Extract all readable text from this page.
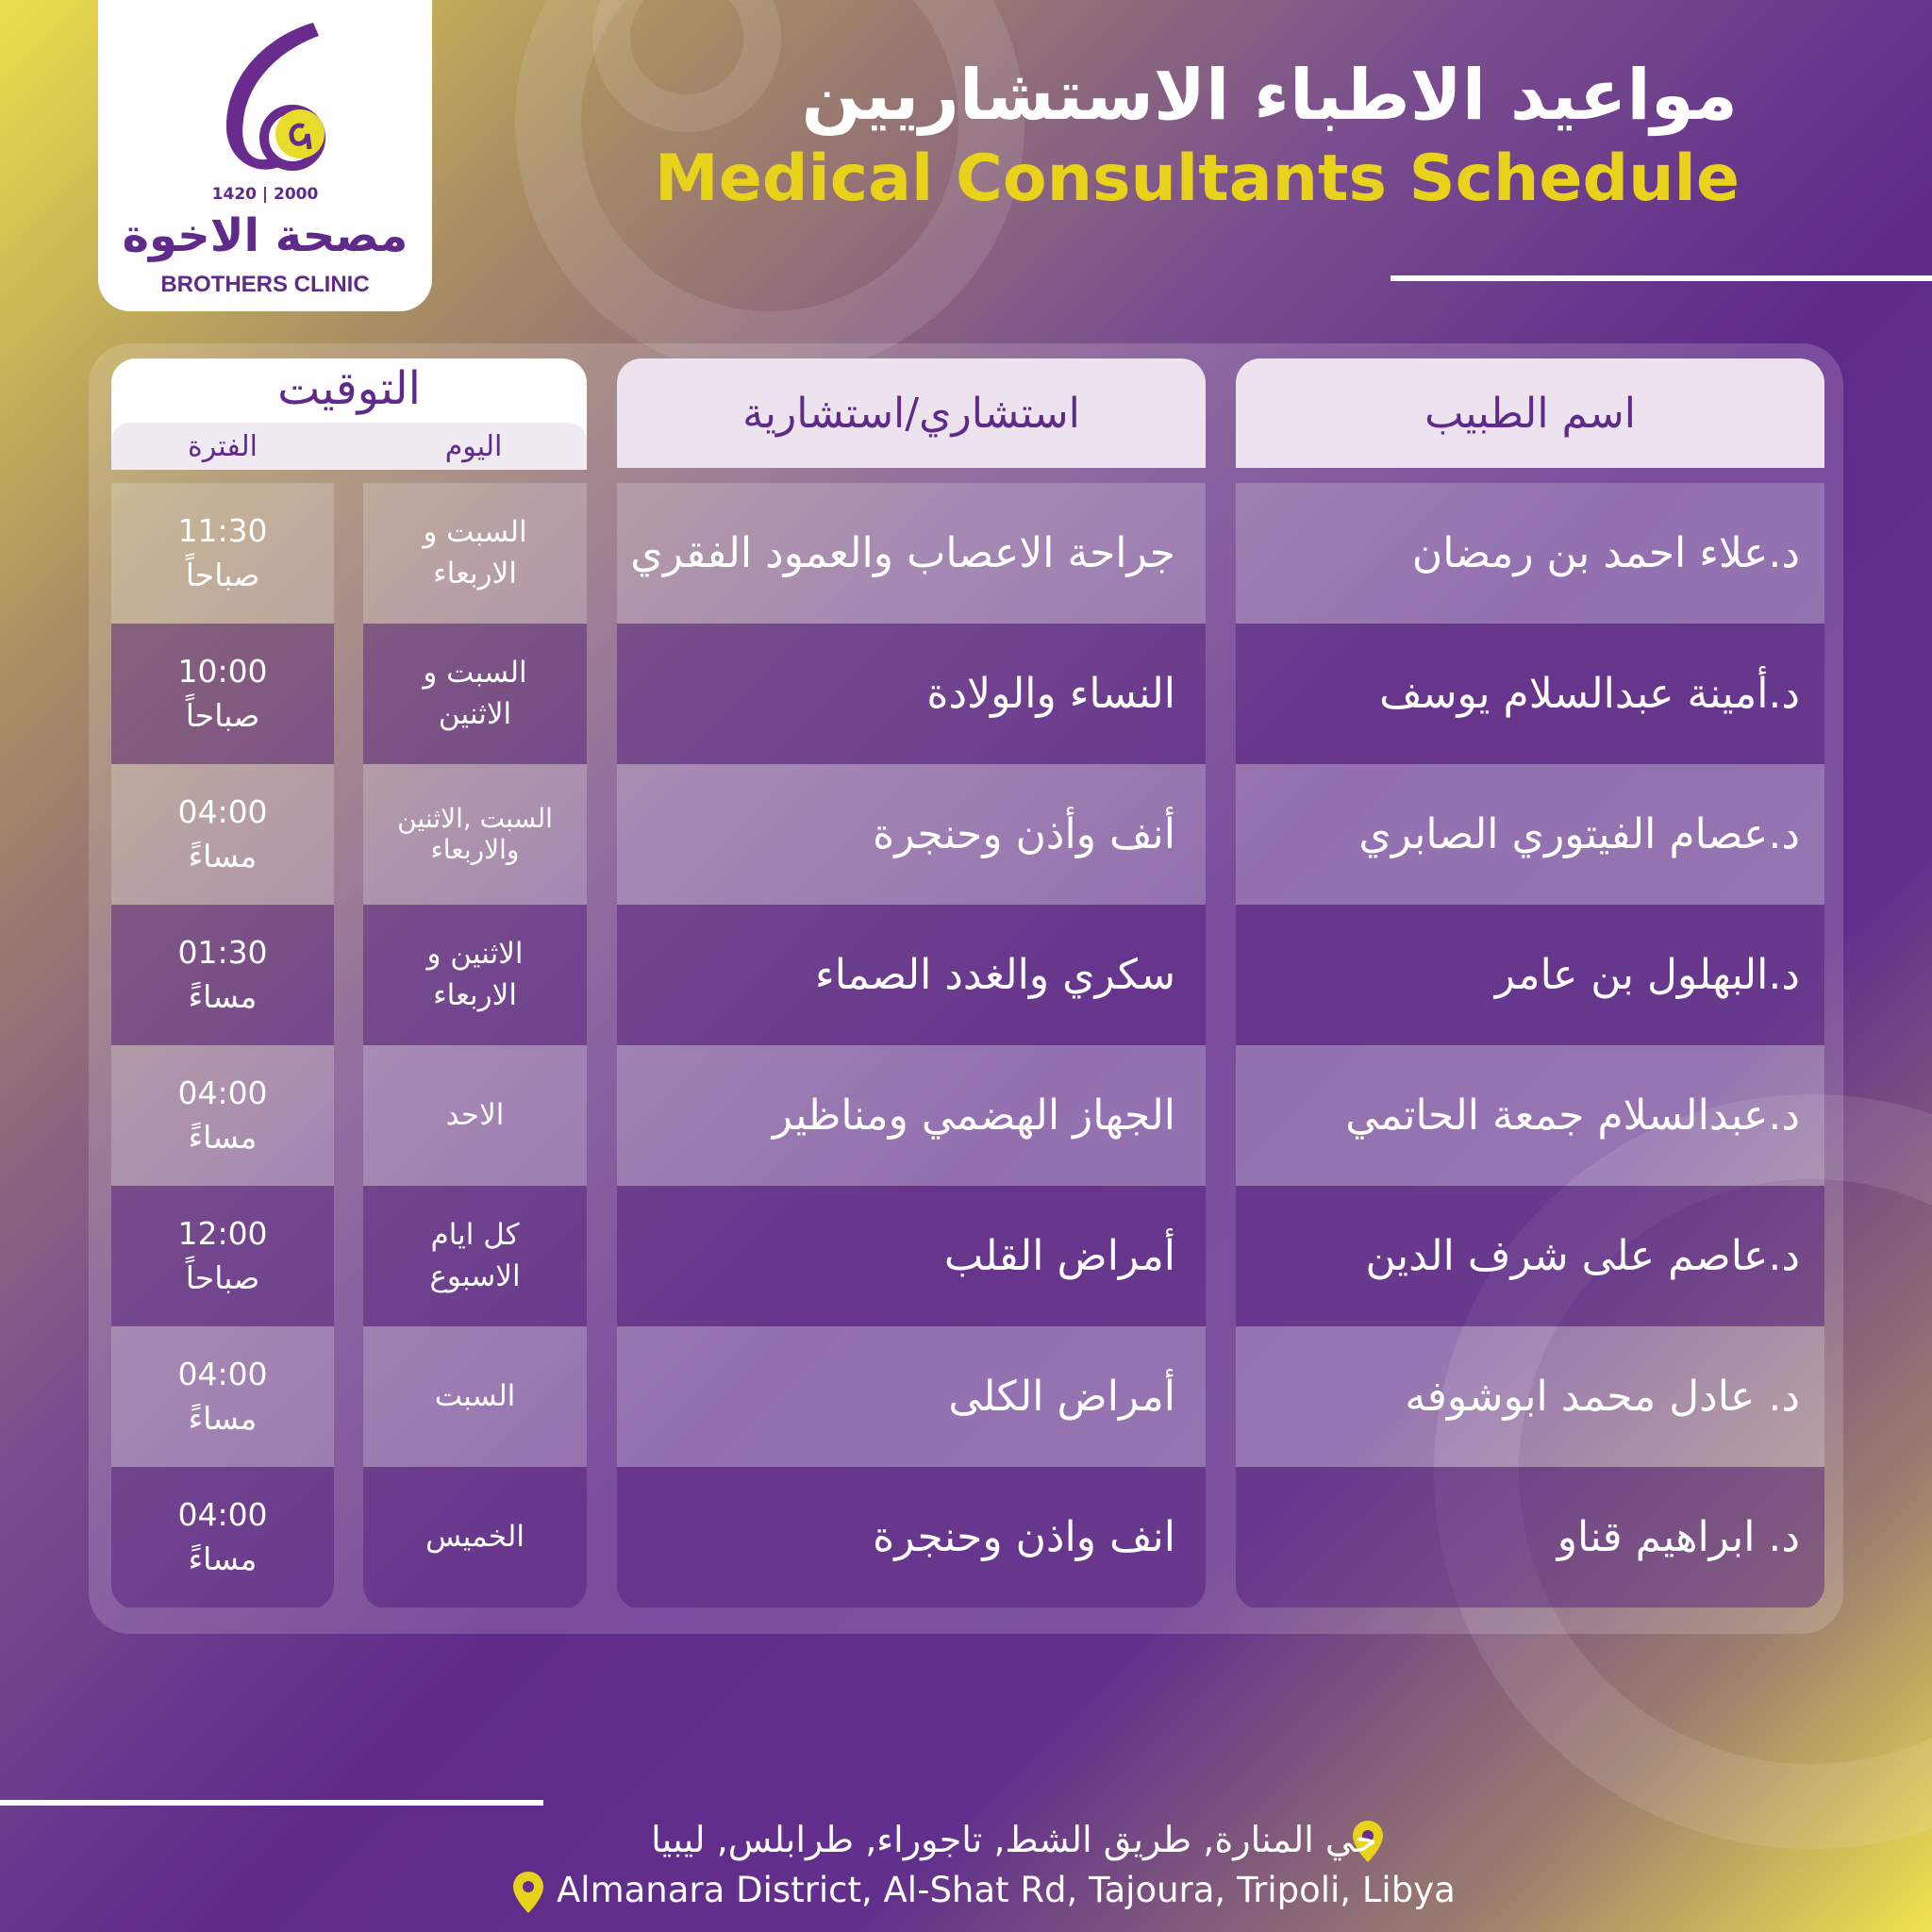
1420 | 2000
مصحة الاخوة
BROTHERS CLINIC
مواعيد الاطباء الاستشاريين
Medical Consultants Schedule
اسم الطبيب
د.علاء احمد بن رمضان
د.أمينة عبدالسلام يوسف
د.عصام الفيتوري الصابري
د.البهلول بن عامر
د.عبدالسلام جمعة الحاتمي
د.عاصم على شرف الدين
د. عادل محمد ابوشوفه
د. ابراهيم قناو
استشاري/استشارية
جراحة الاعصاب والعمود الفقري
النساء والولادة
أنف وأذن وحنجرة
سكري والغدد الصماء
الجهاز الهضمي ومناظير
أمراض القلب
أمراض الكلى
انف واذن وحنجرة
التوقيت
اليوم
الفترة
السبت و
الاربعاء
السبت و
الاثنين
السبت ,الاثنين
والاربعاء
الاثنين و
الاربعاء
الاحد
كل ايام
الاسبوع
السبت
الخميس
11:30
صباحاً
10:00
صباحاً
04:00
مساءً
01:30
مساءً
04:00
مساءً
12:00
صباحاً
04:00
مساءً
04:00
مساءً
حي المنارة, طريق الشط, تاجوراء, طرابلس, ليبيا
Almanara District, Al-Shat Rd, Tajoura, Tripoli, Libya
